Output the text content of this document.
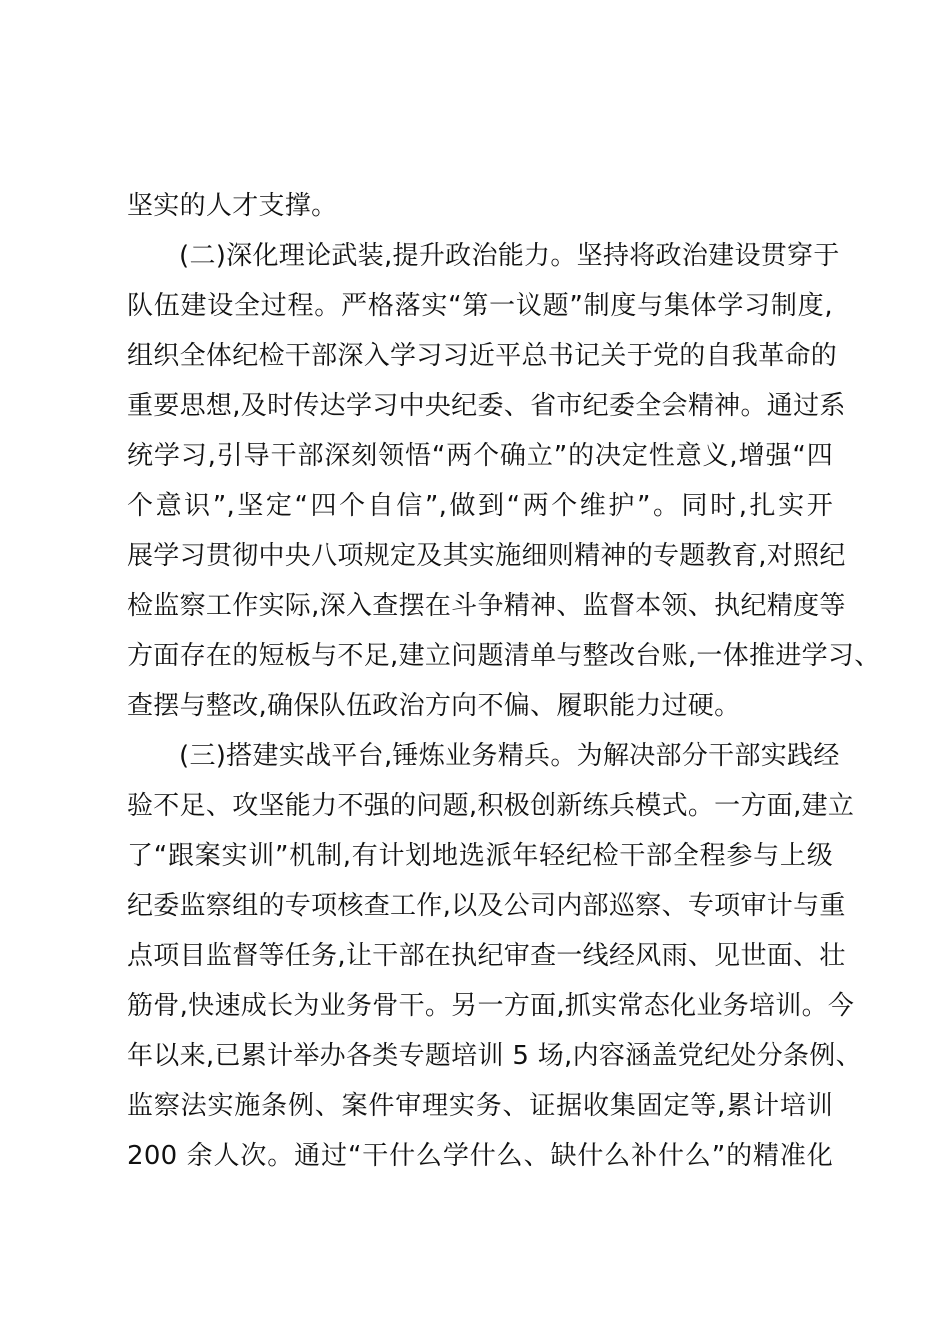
坚实的人才支撑。
(二)深化理论武装,提升政治能力。坚持将政治建设贯穿于
队伍建设全过程。严格落实“第一议题”制度与集体学习制度,
组织全体纪检干部深入学习习近平总书记关于党的自我革命的
重要思想,及时传达学习中央纪委、省市纪委全会精神。通过系
统学习,引导干部深刻领悟“两个确立”的决定性意义,增强“四
个意识”,坚定“四个自信”,做到“两个维护”。同时,扎实开
展学习贯彻中央八项规定及其实施细则精神的专题教育,对照纪
检监察工作实际,深入查摆在斗争精神、监督本领、执纪精度等
方面存在的短板与不足,建立问题清单与整改台账,一体推进学习、
查摆与整改,确保队伍政治方向不偏、履职能力过硬。
(三)搭建实战平台,锤炼业务精兵。为解决部分干部实践经
验不足、攻坚能力不强的问题,积极创新练兵模式。一方面,建立
了“跟案实训”机制,有计划地选派年轻纪检干部全程参与上级
纪委监察组的专项核查工作,以及公司内部巡察、专项审计与重
点项目监督等任务,让干部在执纪审查一线经风雨、见世面、壮
筋骨,快速成长为业务骨干。另一方面,抓实常态化业务培训。今
年以来,已累计举办各类专题培训 5 场,内容涵盖党纪处分条例、
监察法实施条例、案件审理实务、证据收集固定等,累计培训
200 余人次。通过“干什么学什么、缺什么补什么”的精准化
